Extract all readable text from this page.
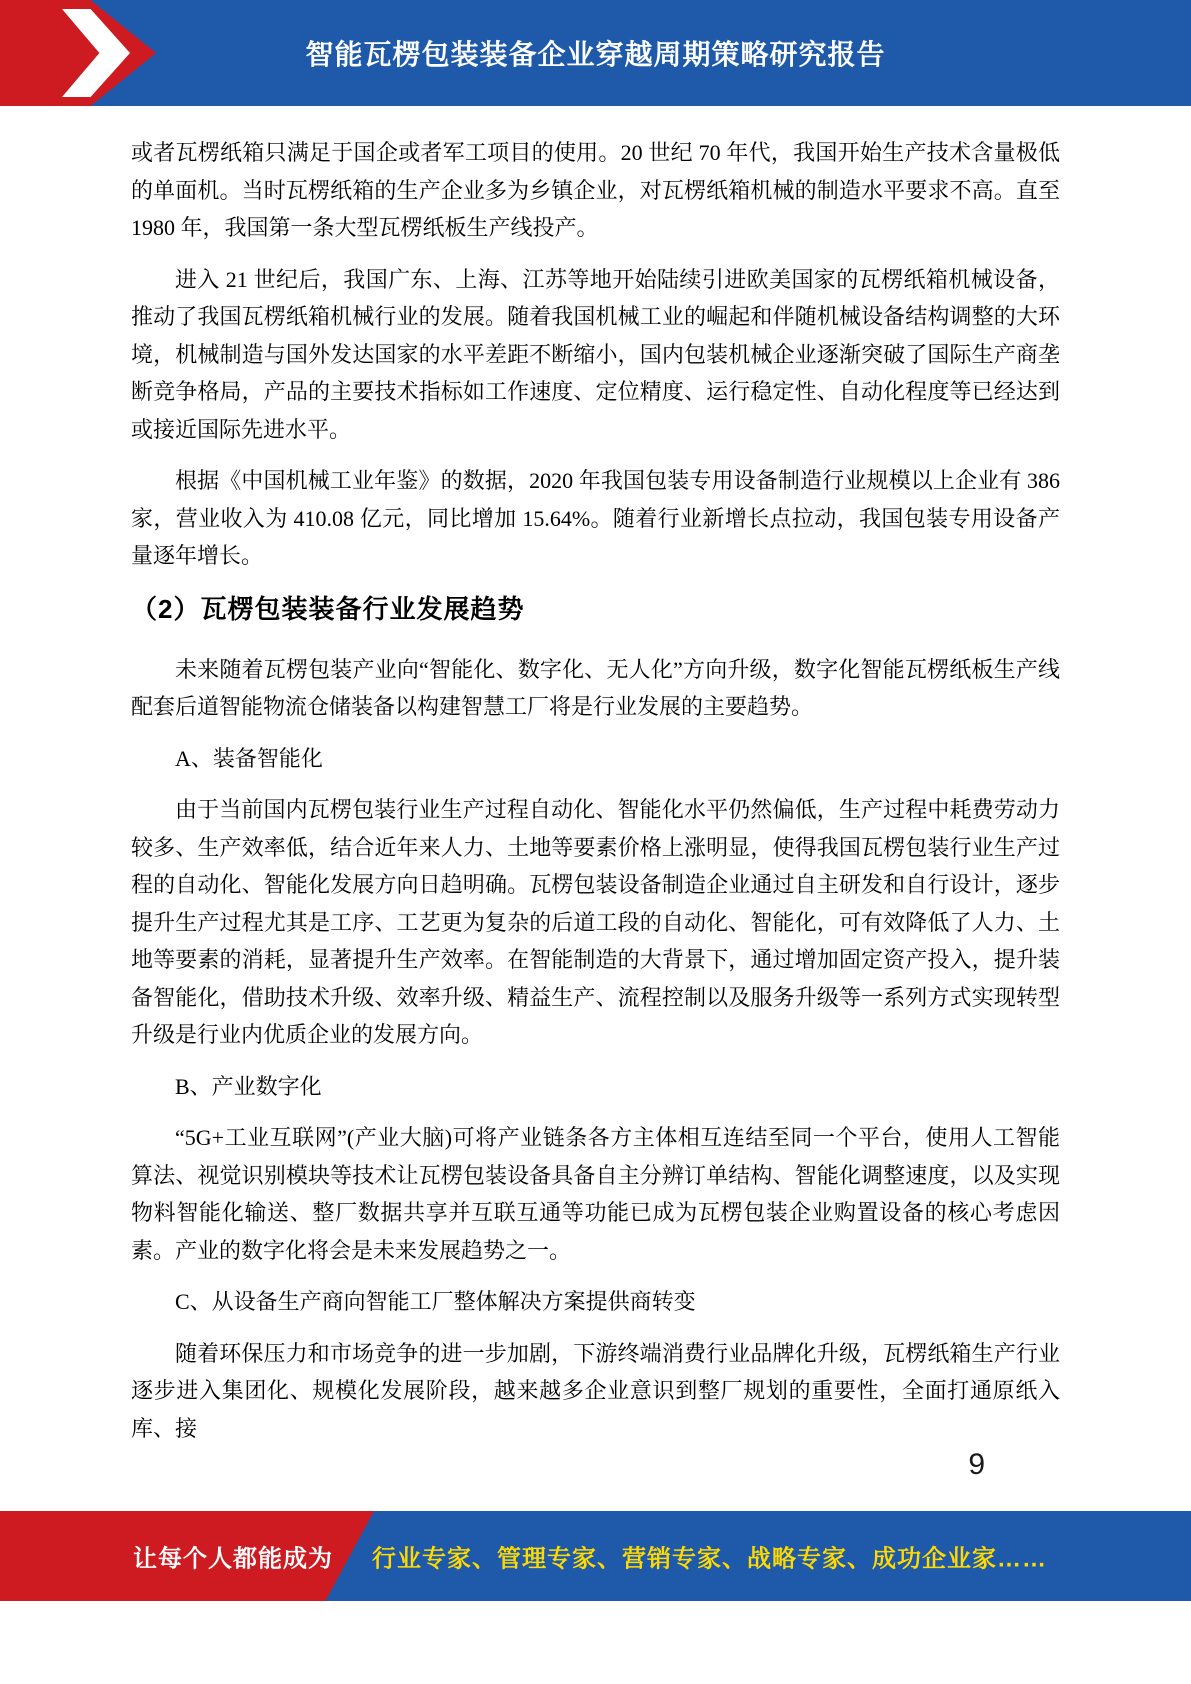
智能瓦楞包装装备企业穿越周期策略研究报告

或者瓦楞纸箱只满足于国企或者军工项目的使用。20 世纪 70 年代，我国开始生产技术含量极低的单面机。当时瓦楞纸箱的生产企业多为乡镇企业，对瓦楞纸箱机械的制造水平要求不高。直至 1980 年，我国第一条大型瓦楞纸板生产线投产。

进入 21 世纪后，我国广东、上海、江苏等地开始陆续引进欧美国家的瓦楞纸箱机械设备，推动了我国瓦楞纸箱机械行业的发展。随着我国机械工业的崛起和伴随机械设备结构调整的大环境，机械制造与国外发达国家的水平差距不断缩小，国内包装机械企业逐渐突破了国际生产商垄断竞争格局，产品的主要技术指标如工作速度、定位精度、运行稳定性、自动化程度等已经达到或接近国际先进水平。

根据《中国机械工业年鉴》的数据，2020 年我国包装专用设备制造行业规模以上企业有 386 家，营业收入为 410.08 亿元，同比增加 15.64%。随着行业新增长点拉动，我国包装专用设备产量逐年增长。

（2）瓦楞包装装备行业发展趋势

未来随着瓦楞包装产业向“智能化、数字化、无人化”方向升级，数字化智能瓦楞纸板生产线配套后道智能物流仓储装备以构建智慧工厂将是行业发展的主要趋势。

A、装备智能化

由于当前国内瓦楞包装行业生产过程自动化、智能化水平仍然偏低，生产过程中耗费劳动力较多、生产效率低，结合近年来人力、土地等要素价格上涨明显，使得我国瓦楞包装行业生产过程的自动化、智能化发展方向日趋明确。瓦楞包装设备制造企业通过自主研发和自行设计，逐步提升生产过程尤其是工序、工艺更为复杂的后道工段的自动化、智能化，可有效降低了人力、土地等要素的消耗，显著提升生产效率。在智能制造的大背景下，通过增加固定资产投入，提升装备智能化，借助技术升级、效率升级、精益生产、流程控制以及服务升级等一系列方式实现转型升级是行业内优质企业的发展方向。

B、产业数字化

“5G+工业互联网”(产业大脑)可将产业链条各方主体相互连结至同一个平台，使用人工智能算法、视觉识别模块等技术让瓦楞包装设备具备自主分辨订单结构、智能化调整速度，以及实现物料智能化输送、整厂数据共享并互联互通等功能已成为瓦楞包装企业购置设备的核心考虑因素。产业的数字化将会是未来发展趋势之一。

C、从设备生产商向智能工厂整体解决方案提供商转变

随着环保压力和市场竞争的进一步加剧，下游终端消费行业品牌化升级，瓦楞纸箱生产行业逐步进入集团化、规模化发展阶段，越来越多企业意识到整厂规划的重要性，全面打通原纸入库、接

9
让每个人都能成为 行业专家、管理专家、营销专家、战略专家、成功企业家……
